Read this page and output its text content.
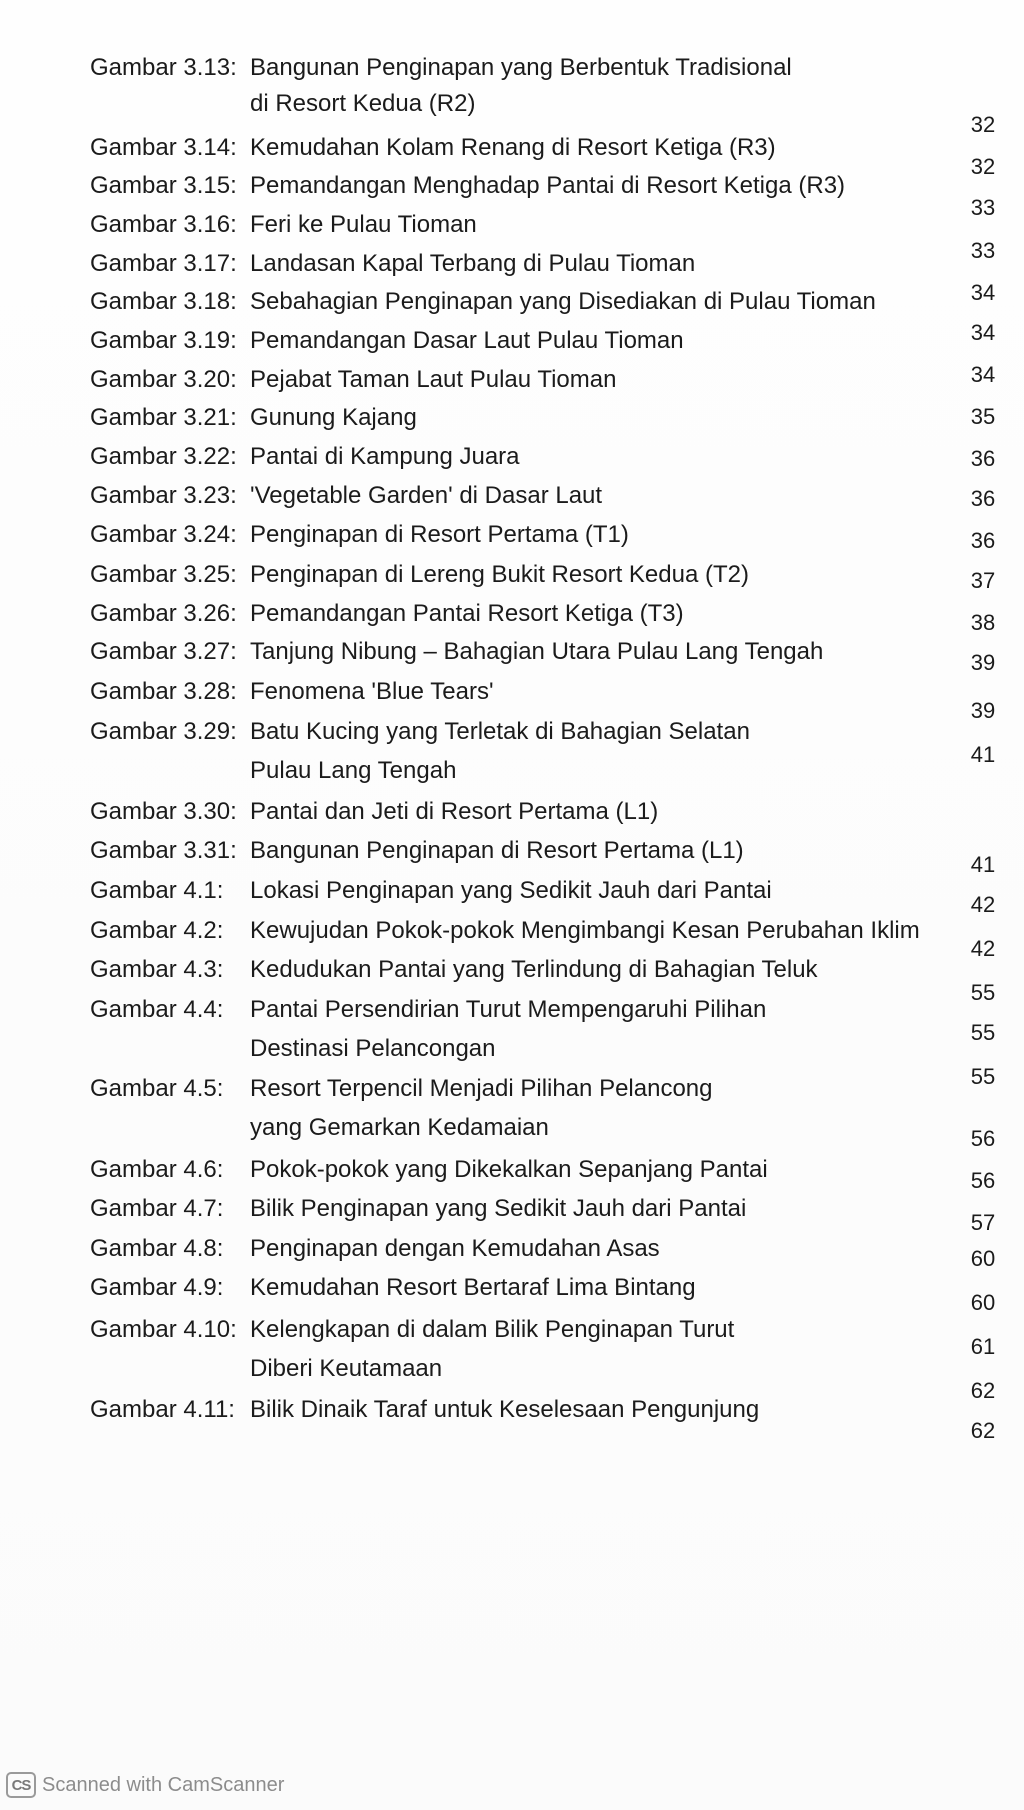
Gambar 3.13: Bangunan Penginapan yang Berbentuk Tradisional
di Resort Kedua (R2)
Gambar 3.14: Kemudahan Kolam Renang di Resort Ketiga (R3)
Gambar 3.15: Pemandangan Menghadap Pantai di Resort Ketiga (R3)
Gambar 3.16: Feri ke Pulau Tioman
Gambar 3.17: Landasan Kapal Terbang di Pulau Tioman
Gambar 3.18: Sebahagian Penginapan yang Disediakan di Pulau Tioman
Gambar 3.19: Pemandangan Dasar Laut Pulau Tioman
Gambar 3.20: Pejabat Taman Laut Pulau Tioman
Gambar 3.21: Gunung Kajang
Gambar 3.22: Pantai di Kampung Juara
Gambar 3.23: 'Vegetable Garden' di Dasar Laut
Gambar 3.24: Penginapan di Resort Pertama (T1)
Gambar 3.25: Penginapan di Lereng Bukit Resort Kedua (T2)
Gambar 3.26: Pemandangan Pantai Resort Ketiga (T3)
Gambar 3.27: Tanjung Nibung – Bahagian Utara Pulau Lang Tengah
Gambar 3.28: Fenomena 'Blue Tears'
Gambar 3.29: Batu Kucing yang Terletak di Bahagian Selatan
Pulau Lang Tengah
Gambar 3.30: Pantai dan Jeti di Resort Pertama (L1)
Gambar 3.31: Bangunan Penginapan di Resort Pertama (L1)
Gambar 4.1: Lokasi Penginapan yang Sedikit Jauh dari Pantai
Gambar 4.2: Kewujudan Pokok-pokok Mengimbangi Kesan Perubahan Iklim
Gambar 4.3: Kedudukan Pantai yang Terlindung di Bahagian Teluk
Gambar 4.4: Pantai Persendirian Turut Mempengaruhi Pilihan
Destinasi Pelancongan
Gambar 4.5: Resort Terpencil Menjadi Pilihan Pelancong
yang Gemarkan Kedamaian
Gambar 4.6: Pokok-pokok yang Dikekalkan Sepanjang Pantai
Gambar 4.7: Bilik Penginapan yang Sedikit Jauh dari Pantai
Gambar 4.8: Penginapan dengan Kemudahan Asas
Gambar 4.9: Kemudahan Resort Bertaraf Lima Bintang
Gambar 4.10: Kelengkapan di dalam Bilik Penginapan Turut
Diberi Keutamaan
Gambar 4.11: Bilik Dinaik Taraf untuk Keselesaan Pengunjung
32
32
33
33
34
34
34
35
36
36
36
37
38
39
39
41
41
42
42
55
55
55
56
56
57
60
60
61
62
62
CS Scanned with CamScanner
